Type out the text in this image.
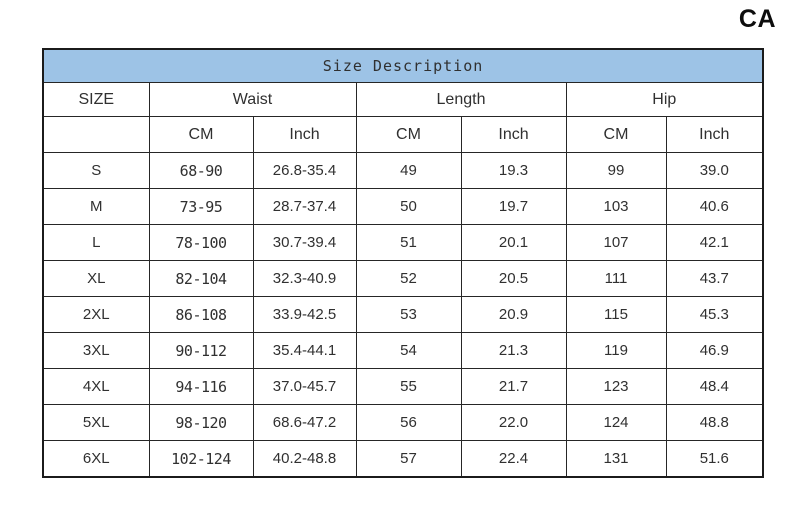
CA
Size Description						
SIZE	Waist		Length		Hip	
	CM	Inch	CM	Inch	CM	Inch
S	68-90	26.8-35.4	49	19.3	99	39.0
M	73-95	28.7-37.4	50	19.7	103	40.6
L	78-100	30.7-39.4	51	20.1	107	42.1
XL	82-104	32.3-40.9	52	20.5	111	43.7
2XL	86-108	33.9-42.5	53	20.9	115	45.3
3XL	90-112	35.4-44.1	54	21.3	119	46.9
4XL	94-116	37.0-45.7	55	21.7	123	48.4
5XL	98-120	68.6-47.2	56	22.0	124	48.8
6XL	102-124	40.2-48.8	57	22.4	131	51.6
